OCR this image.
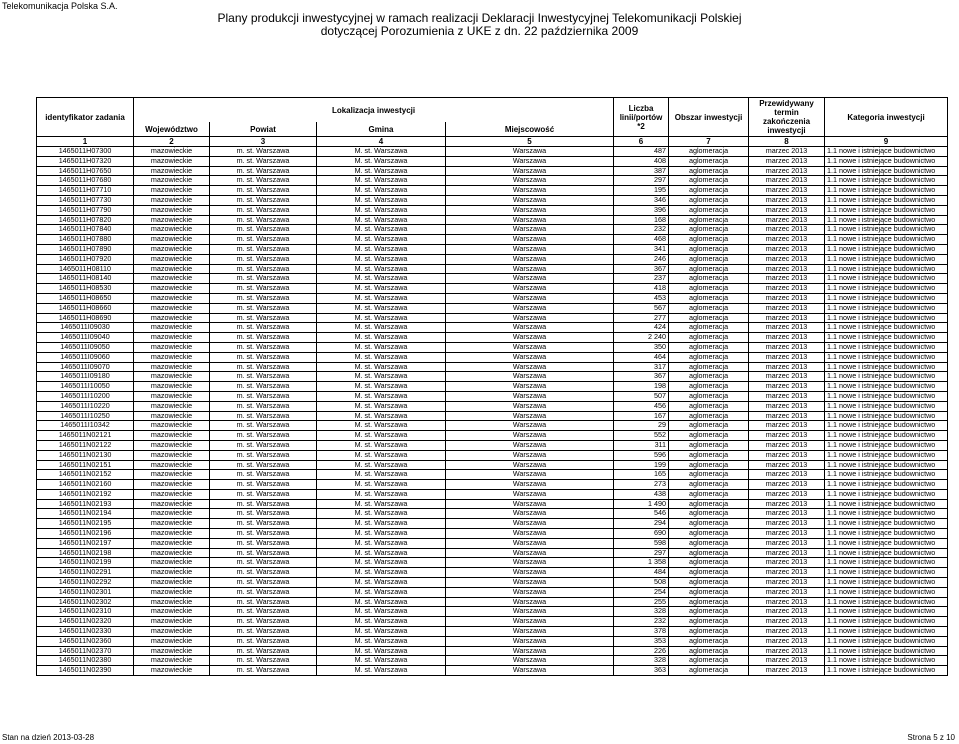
Telekomunikacja Polska S.A.
Plany produkcji inwestycyjnej w ramach realizacji Deklaracji Inwestycyjnej Telekomunikacji Polskiej
dotyczącej Porozumienia z UKE z dn. 22 października 2009
identyfikator zadania	Lokalizacja inwestycji				Liczba linii/portów *2	Obszar inwestycji	Przewidywany termin zakończenia inwestycji	Kategoria inwestycji
	Województwo	Powiat	Gmina	Miejscowość				
1	2	3	4	5	6	7	8	9
1465011H07300	mazowieckie	m. st. Warszawa	M. st. Warszawa	Warszawa	487	aglomeracja	marzec 2013	1.1 nowe i istniejące budownictwo
1465011H07320	mazowieckie	m. st. Warszawa	M. st. Warszawa	Warszawa	408	aglomeracja	marzec 2013	1.1 nowe i istniejące budownictwo
1465011H07650	mazowieckie	m. st. Warszawa	M. st. Warszawa	Warszawa	387	aglomeracja	marzec 2013	1.1 nowe i istniejące budownictwo
1465011H07680	mazowieckie	m. st. Warszawa	M. st. Warszawa	Warszawa	297	aglomeracja	marzec 2013	1.1 nowe i istniejące budownictwo
1465011H07710	mazowieckie	m. st. Warszawa	M. st. Warszawa	Warszawa	195	aglomeracja	marzec 2013	1.1 nowe i istniejące budownictwo
1465011H07730	mazowieckie	m. st. Warszawa	M. st. Warszawa	Warszawa	346	aglomeracja	marzec 2013	1.1 nowe i istniejące budownictwo
1465011H07790	mazowieckie	m. st. Warszawa	M. st. Warszawa	Warszawa	396	aglomeracja	marzec 2013	1.1 nowe i istniejące budownictwo
1465011H07820	mazowieckie	m. st. Warszawa	M. st. Warszawa	Warszawa	168	aglomeracja	marzec 2013	1.1 nowe i istniejące budownictwo
1465011H07840	mazowieckie	m. st. Warszawa	M. st. Warszawa	Warszawa	232	aglomeracja	marzec 2013	1.1 nowe i istniejące budownictwo
1465011H07880	mazowieckie	m. st. Warszawa	M. st. Warszawa	Warszawa	468	aglomeracja	marzec 2013	1.1 nowe i istniejące budownictwo
1465011H07890	mazowieckie	m. st. Warszawa	M. st. Warszawa	Warszawa	341	aglomeracja	marzec 2013	1.1 nowe i istniejące budownictwo
1465011H07920	mazowieckie	m. st. Warszawa	M. st. Warszawa	Warszawa	246	aglomeracja	marzec 2013	1.1 nowe i istniejące budownictwo
1465011H08110	mazowieckie	m. st. Warszawa	M. st. Warszawa	Warszawa	367	aglomeracja	marzec 2013	1.1 nowe i istniejące budownictwo
1465011H08140	mazowieckie	m. st. Warszawa	M. st. Warszawa	Warszawa	237	aglomeracja	marzec 2013	1.1 nowe i istniejące budownictwo
1465011H08530	mazowieckie	m. st. Warszawa	M. st. Warszawa	Warszawa	418	aglomeracja	marzec 2013	1.1 nowe i istniejące budownictwo
1465011H08650	mazowieckie	m. st. Warszawa	M. st. Warszawa	Warszawa	453	aglomeracja	marzec 2013	1.1 nowe i istniejące budownictwo
1465011H08660	mazowieckie	m. st. Warszawa	M. st. Warszawa	Warszawa	567	aglomeracja	marzec 2013	1.1 nowe i istniejące budownictwo
1465011H08690	mazowieckie	m. st. Warszawa	M. st. Warszawa	Warszawa	277	aglomeracja	marzec 2013	1.1 nowe i istniejące budownictwo
1465011I09030	mazowieckie	m. st. Warszawa	M. st. Warszawa	Warszawa	424	aglomeracja	marzec 2013	1.1 nowe i istniejące budownictwo
1465011I09040	mazowieckie	m. st. Warszawa	M. st. Warszawa	Warszawa	2 240	aglomeracja	marzec 2013	1.1 nowe i istniejące budownictwo
1465011I09050	mazowieckie	m. st. Warszawa	M. st. Warszawa	Warszawa	350	aglomeracja	marzec 2013	1.1 nowe i istniejące budownictwo
1465011I09060	mazowieckie	m. st. Warszawa	M. st. Warszawa	Warszawa	464	aglomeracja	marzec 2013	1.1 nowe i istniejące budownictwo
1465011I09070	mazowieckie	m. st. Warszawa	M. st. Warszawa	Warszawa	317	aglomeracja	marzec 2013	1.1 nowe i istniejące budownictwo
1465011I09180	mazowieckie	m. st. Warszawa	M. st. Warszawa	Warszawa	367	aglomeracja	marzec 2013	1.1 nowe i istniejące budownictwo
1465011I10050	mazowieckie	m. st. Warszawa	M. st. Warszawa	Warszawa	198	aglomeracja	marzec 2013	1.1 nowe i istniejące budownictwo
1465011I10200	mazowieckie	m. st. Warszawa	M. st. Warszawa	Warszawa	507	aglomeracja	marzec 2013	1.1 nowe i istniejące budownictwo
1465011I10220	mazowieckie	m. st. Warszawa	M. st. Warszawa	Warszawa	456	aglomeracja	marzec 2013	1.1 nowe i istniejące budownictwo
1465011I10250	mazowieckie	m. st. Warszawa	M. st. Warszawa	Warszawa	167	aglomeracja	marzec 2013	1.1 nowe i istniejące budownictwo
1465011I10342	mazowieckie	m. st. Warszawa	M. st. Warszawa	Warszawa	29	aglomeracja	marzec 2013	1.1 nowe i istniejące budownictwo
1465011N02121	mazowieckie	m. st. Warszawa	M. st. Warszawa	Warszawa	552	aglomeracja	marzec 2013	1.1 nowe i istniejące budownictwo
1465011N02122	mazowieckie	m. st. Warszawa	M. st. Warszawa	Warszawa	311	aglomeracja	marzec 2013	1.1 nowe i istniejące budownictwo
1465011N02130	mazowieckie	m. st. Warszawa	M. st. Warszawa	Warszawa	596	aglomeracja	marzec 2013	1.1 nowe i istniejące budownictwo
1465011N02151	mazowieckie	m. st. Warszawa	M. st. Warszawa	Warszawa	199	aglomeracja	marzec 2013	1.1 nowe i istniejące budownictwo
1465011N02152	mazowieckie	m. st. Warszawa	M. st. Warszawa	Warszawa	165	aglomeracja	marzec 2013	1.1 nowe i istniejące budownictwo
1465011N02160	mazowieckie	m. st. Warszawa	M. st. Warszawa	Warszawa	273	aglomeracja	marzec 2013	1.1 nowe i istniejące budownictwo
1465011N02192	mazowieckie	m. st. Warszawa	M. st. Warszawa	Warszawa	438	aglomeracja	marzec 2013	1.1 nowe i istniejące budownictwo
1465011N02193	mazowieckie	m. st. Warszawa	M. st. Warszawa	Warszawa	1 490	aglomeracja	marzec 2013	1.1 nowe i istniejące budownictwo
1465011N02194	mazowieckie	m. st. Warszawa	M. st. Warszawa	Warszawa	546	aglomeracja	marzec 2013	1.1 nowe i istniejące budownictwo
1465011N02195	mazowieckie	m. st. Warszawa	M. st. Warszawa	Warszawa	294	aglomeracja	marzec 2013	1.1 nowe i istniejące budownictwo
1465011N02196	mazowieckie	m. st. Warszawa	M. st. Warszawa	Warszawa	690	aglomeracja	marzec 2013	1.1 nowe i istniejące budownictwo
1465011N02197	mazowieckie	m. st. Warszawa	M. st. Warszawa	Warszawa	598	aglomeracja	marzec 2013	1.1 nowe i istniejące budownictwo
1465011N02198	mazowieckie	m. st. Warszawa	M. st. Warszawa	Warszawa	297	aglomeracja	marzec 2013	1.1 nowe i istniejące budownictwo
1465011N02199	mazowieckie	m. st. Warszawa	M. st. Warszawa	Warszawa	1 358	aglomeracja	marzec 2013	1.1 nowe i istniejące budownictwo
1465011N02291	mazowieckie	m. st. Warszawa	M. st. Warszawa	Warszawa	484	aglomeracja	marzec 2013	1.1 nowe i istniejące budownictwo
1465011N02292	mazowieckie	m. st. Warszawa	M. st. Warszawa	Warszawa	508	aglomeracja	marzec 2013	1.1 nowe i istniejące budownictwo
1465011N02301	mazowieckie	m. st. Warszawa	M. st. Warszawa	Warszawa	254	aglomeracja	marzec 2013	1.1 nowe i istniejące budownictwo
1465011N02302	mazowieckie	m. st. Warszawa	M. st. Warszawa	Warszawa	255	aglomeracja	marzec 2013	1.1 nowe i istniejące budownictwo
1465011N02310	mazowieckie	m. st. Warszawa	M. st. Warszawa	Warszawa	328	aglomeracja	marzec 2013	1.1 nowe i istniejące budownictwo
1465011N02320	mazowieckie	m. st. Warszawa	M. st. Warszawa	Warszawa	232	aglomeracja	marzec 2013	1.1 nowe i istniejące budownictwo
1465011N02330	mazowieckie	m. st. Warszawa	M. st. Warszawa	Warszawa	378	aglomeracja	marzec 2013	1.1 nowe i istniejące budownictwo
1465011N02360	mazowieckie	m. st. Warszawa	M. st. Warszawa	Warszawa	353	aglomeracja	marzec 2013	1.1 nowe i istniejące budownictwo
1465011N02370	mazowieckie	m. st. Warszawa	M. st. Warszawa	Warszawa	226	aglomeracja	marzec 2013	1.1 nowe i istniejące budownictwo
1465011N02380	mazowieckie	m. st. Warszawa	M. st. Warszawa	Warszawa	328	aglomeracja	marzec 2013	1.1 nowe i istniejące budownictwo
1465011N02390	mazowieckie	m. st. Warszawa	M. st. Warszawa	Warszawa	363	aglomeracja	marzec 2013	1.1 nowe i istniejące budownictwo
Stan na dzień 2013-03-28	Strona 5 z 10
